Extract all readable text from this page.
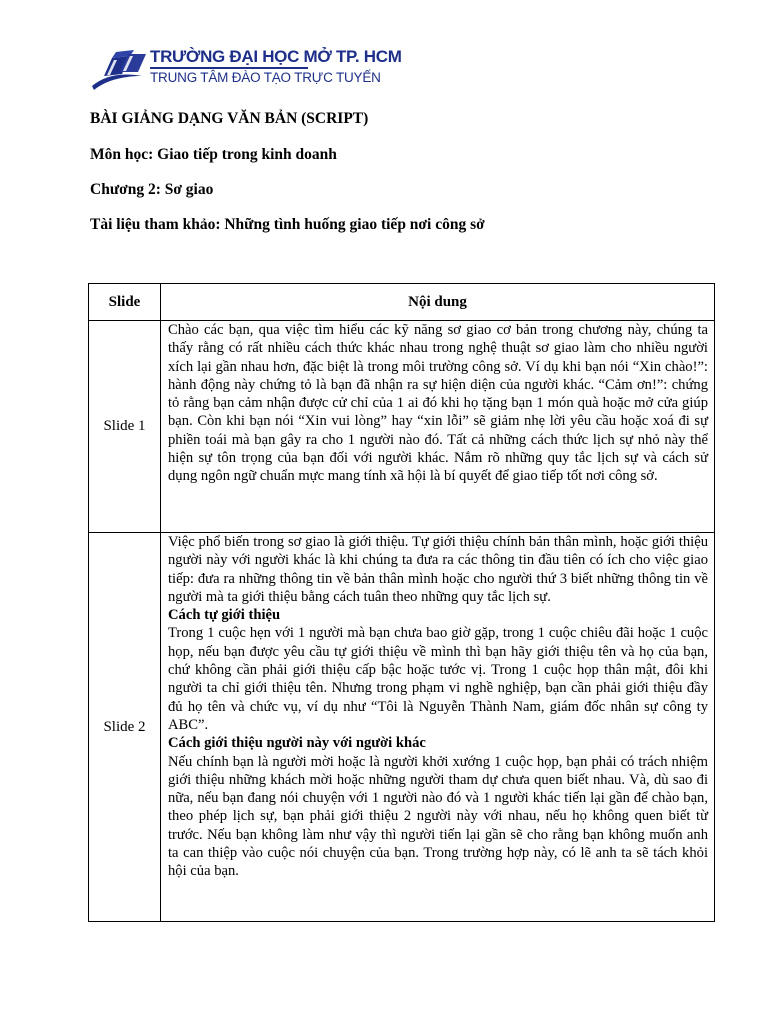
TRƯỜNG ĐẠI HỌC MỞ TP. HCM
TRUNG TÂM ĐÀO TẠO TRỰC TUYẾN
BÀI GIẢNG DẠNG VĂN BẢN (SCRIPT)
Môn học: Giao tiếp trong kinh doanh
Chương 2: Sơ giao
Tài liệu tham khảo: Những tình huống giao tiếp nơi công sở
Slide	Nội dung
Slide 1	Chào các bạn, qua việc tìm hiểu các kỹ năng sơ giao cơ bản trong chương này, chúng ta thấy rằng có rất nhiều cách thức khác nhau trong nghệ thuật sơ giao làm cho nhiều người xích lại gần nhau hơn, đặc biệt là trong môi trường công sở. Ví dụ khi bạn nói “Xin chào!”: hành động này chứng tỏ là bạn đã nhận ra sự hiện diện của người khác. “Cảm ơn!”: chứng tỏ rằng bạn cảm nhận được cử chỉ của 1 ai đó khi họ tặng bạn 1 món quà hoặc mở cửa giúp bạn. Còn khi bạn nói “Xin vui lòng” hay “xin lỗi” sẽ giảm nhẹ lời yêu cầu hoặc xoá đi sự phiền toái mà bạn gây ra cho 1 người nào đó. Tất cả những cách thức lịch sự nhỏ này thể hiện sự tôn trọng của bạn đối với người khác. Nắm rõ những quy tắc lịch sự và cách sử dụng ngôn ngữ chuẩn mực mang tính xã hội là bí quyết để giao tiếp tốt nơi công sở.

Slide 2	Việc phổ biến trong sơ giao là giới thiệu. Tự giới thiệu chính bản thân mình, hoặc giới thiệu người này với người khác là khi chúng ta đưa ra các thông tin đầu tiên có ích cho việc giao tiếp: đưa ra những thông tin về bản thân mình hoặc cho người thứ 3 biết những thông tin về người mà ta giới thiệu bằng cách tuân theo những quy tắc lịch sự.

Cách tự giới thiệu

Trong 1 cuộc hẹn với 1 người mà bạn chưa bao giờ gặp, trong 1 cuộc chiêu đãi hoặc 1 cuộc họp, nếu bạn được yêu cầu tự giới thiệu về mình thì bạn hãy giới thiệu tên và họ của bạn, chứ không cần phải giới thiệu cấp bậc hoặc tước vị. Trong 1 cuộc họp thân mật, đôi khi người ta chỉ giới thiệu tên. Nhưng trong phạm vi nghề nghiệp, bạn cần phải giới thiệu đầy đủ họ tên và chức vụ, ví dụ như “Tôi là Nguyễn Thành Nam, giám đốc nhân sự công ty ABC”.

Cách giới thiệu người này với người khác

Nếu chính bạn là người mời hoặc là người khởi xướng 1 cuộc họp, bạn phải có trách nhiệm giới thiệu những khách mời hoặc những người tham dự chưa quen biết nhau. Và, dù sao đi nữa, nếu bạn đang nói chuyện với 1 người nào đó và 1 người khác tiến lại gần để chào bạn, theo phép lịch sự, bạn phải giới thiệu 2 người này với nhau, nếu họ không quen biết từ trước. Nếu bạn không làm như vậy thì người tiến lại gần sẽ cho rằng bạn không muốn anh ta can thiệp vào cuộc nói chuyện của bạn. Trong trường hợp này, có lẽ anh ta sẽ tách khỏi hội của bạn.
